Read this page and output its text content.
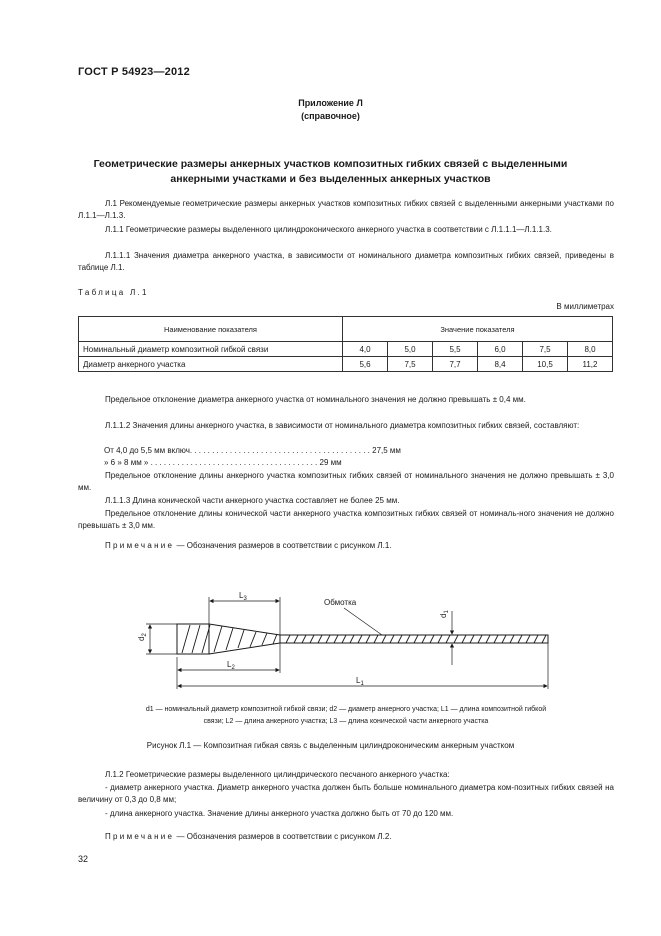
ГОСТ Р 54923—2012
Приложение Л
(справочное)
Геометрические размеры анкерных участков композитных гибких связей с выделенными
анкерными участками и без выделенных анкерных участков
Л.1 Рекомендуемые геометрические размеры анкерных участков композитных гибких связей с выделенными анкерными участками по Л.1.1—Л.1.3.
Л.1.1 Геометрические размеры выделенного цилиндроконического анкерного участка в соответствии с Л.1.1.1—Л.1.1.3.
Л.1.1.1 Значения диаметра анкерного участка, в зависимости от номинального диаметра композитных гибких связей, приведены в таблице Л.1.
Таблица Л.1
В миллиметрах
Наименование показателя	Значение показателя					
Номинальный диаметр композитной гибкой связи	4,0	5,0	5,5	6,0	7,5	8,0
Диаметр анкерного участка	5,6	7,5	7,7	8,4	10,5	11,2
Предельное отклонение диаметра анкерного участка от номинального значения не должно превышать ± 0,4 мм.
Л.1.1.2 Значения длины анкерного участка, в зависимости от номинального диаметра композитных гибких связей, составляют:
От 4,0 до 5,5 мм включ. . . . . . . . . . . . . . . . . . . . . . . . . . . . . . . . . . . . . . . . . 27,5 мм
» 6 » 8 мм » . . . . . . . . . . . . . . . . . . . . . . . . . . . . . . . . . . . . . . 29 мм
Предельное отклонение длины анкерного участка композитных гибких связей от номинального значения не должно превышать ± 3,0 мм.
Л.1.1.3 Длина конической части анкерного участка составляет не более 25 мм.
Предельное отклонение длины конической части анкерного участка композитных гибких связей от номиналь-ного значения не должно превышать ± 3,0 мм.
Примечание — Обозначения размеров в соответствии с рисунком Л.1.
$L_1$
$L_2$
$L_3$
$d_2$
$d_1$
Обмотка
d1 — номинальный диаметр композитной гибкой связи; d2 — диаметр анкерного участка; L1 — длина композитной гибкой
связи; L2 — длина анкерного участка; L3 — длина конической части анкерного участка
Рисунок Л.1 — Композитная гибкая связь с выделенным цилиндроконическим анкерным участком
Л.1.2 Геометрические размеры выделенного цилиндрического песчаного анкерного участка:
- диаметр анкерного участка. Диаметр анкерного участка должен быть больше номинального диаметра ком-позитных гибких связей на величину от 0,3 до 0,8 мм;
- длина анкерного участка. Значение длины анкерного участка должно быть от 70 до 120 мм.
Примечание — Обозначения размеров в соответствии с рисунком Л.2.
32
